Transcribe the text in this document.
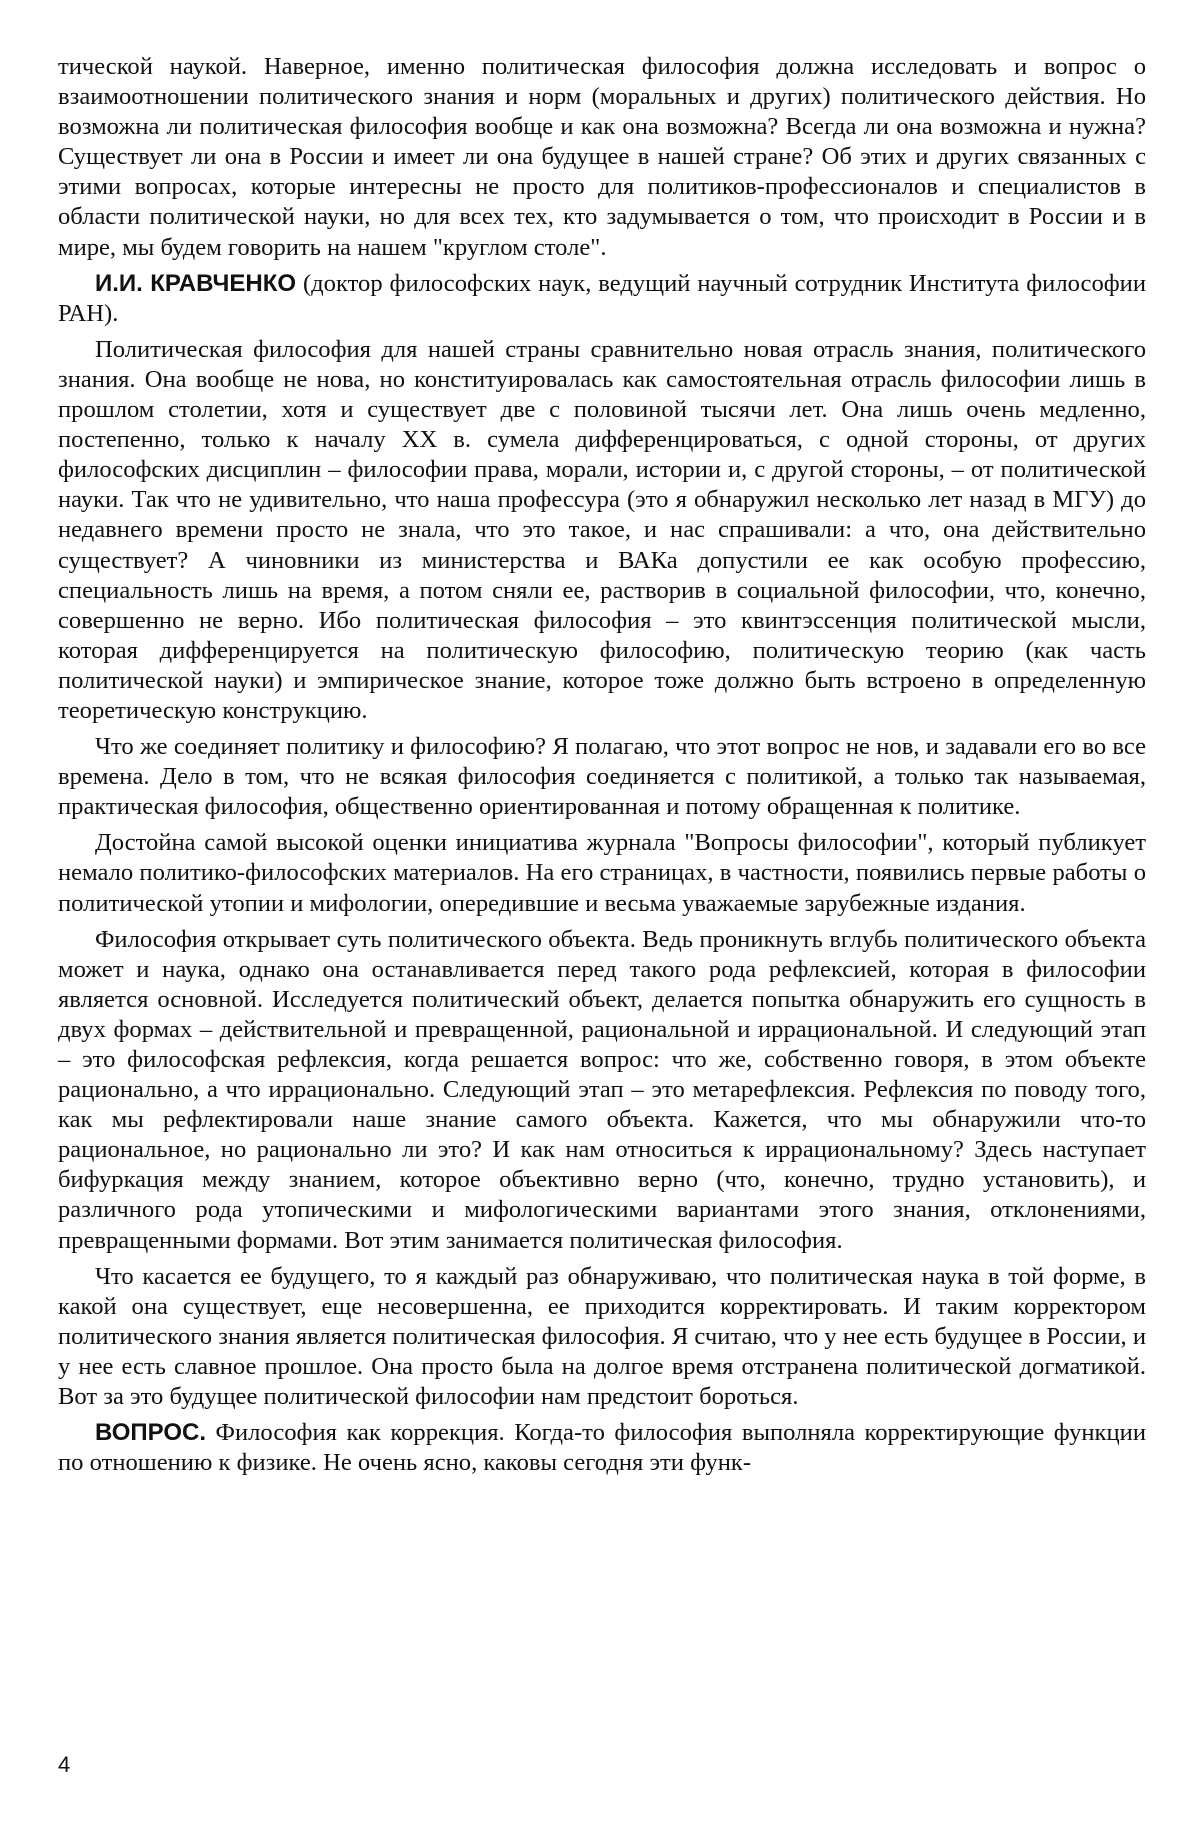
тической наукой. Наверное, именно политическая философия должна исследовать и вопрос о взаимоотношении политического знания и норм (моральных и других) политического действия. Но возможна ли политическая философия вообще и как она возможна? Всегда ли она возможна и нужна? Существует ли она в России и имеет ли она будущее в нашей стране? Об этих и других связанных с этими вопросах, которые интересны не просто для политиков-профессионалов и специалистов в области политической науки, но для всех тех, кто задумывается о том, что происходит в России и в мире, мы будем говорить на нашем "круглом столе".

И.И. КРАВЧЕНКО (доктор философских наук, ведущий научный сотрудник Института философии РАН).

Политическая философия для нашей страны сравнительно новая отрасль знания, политического знания. Она вообще не нова, но конституировалась как самостоятельная отрасль философии лишь в прошлом столетии, хотя и существует две с половиной тысячи лет. Она лишь очень медленно, постепенно, только к началу XX в. сумела дифференцироваться, с одной стороны, от других философских дисциплин – философии права, морали, истории и, с другой стороны, – от политической науки. Так что не удивительно, что наша профессура (это я обнаружил несколько лет назад в МГУ) до недавнего времени просто не знала, что это такое, и нас спрашивали: а что, она действительно существует? А чиновники из министерства и ВАКа допустили ее как особую профессию, специальность лишь на время, а потом сняли ее, растворив в социальной философии, что, конечно, совершенно не верно. Ибо политическая философия – это квинтэссенция политической мысли, которая дифференцируется на политическую философию, политическую теорию (как часть политической науки) и эмпирическое знание, которое тоже должно быть встроено в определенную теоретическую конструкцию.

Что же соединяет политику и философию? Я полагаю, что этот вопрос не нов, и задавали его во все времена. Дело в том, что не всякая философия соединяется с политикой, а только так называемая, практическая философия, общественно ориентированная и потому обращенная к политике.

Достойна самой высокой оценки инициатива журнала "Вопросы философии", который публикует немало политико-философских материалов. На его страницах, в частности, появились первые работы о политической утопии и мифологии, опередившие и весьма уважаемые зарубежные издания.

Философия открывает суть политического объекта. Ведь проникнуть вглубь политического объекта может и наука, однако она останавливается перед такого рода рефлексией, которая в философии является основной. Исследуется политический объект, делается попытка обнаружить его сущность в двух формах – действительной и превращенной, рациональной и иррациональной. И следующий этап – это философская рефлексия, когда решается вопрос: что же, собственно говоря, в этом объекте рационально, а что иррационально. Следующий этап – это метарефлексия. Рефлексия по поводу того, как мы рефлектировали наше знание самого объекта. Кажется, что мы обнаружили что-то рациональное, но рационально ли это? И как нам относиться к иррациональному? Здесь наступает бифуркация между знанием, которое объективно верно (что, конечно, трудно установить), и различного рода утопическими и мифологическими вариантами этого знания, отклонениями, превращенными формами. Вот этим занимается политическая философия.

Что касается ее будущего, то я каждый раз обнаруживаю, что политическая наука в той форме, в какой она существует, еще несовершенна, ее приходится корректировать. И таким корректором политического знания является политическая философия. Я считаю, что у нее есть будущее в России, и у нее есть славное прошлое. Она просто была на долгое время отстранена политической догматикой. Вот за это будущее политической философии нам предстоит бороться.

ВОПРОС. Философия как коррекция. Когда-то философия выполняла корректирующие функции по отношению к физике. Не очень ясно, каковы сегодня эти функ-

4
